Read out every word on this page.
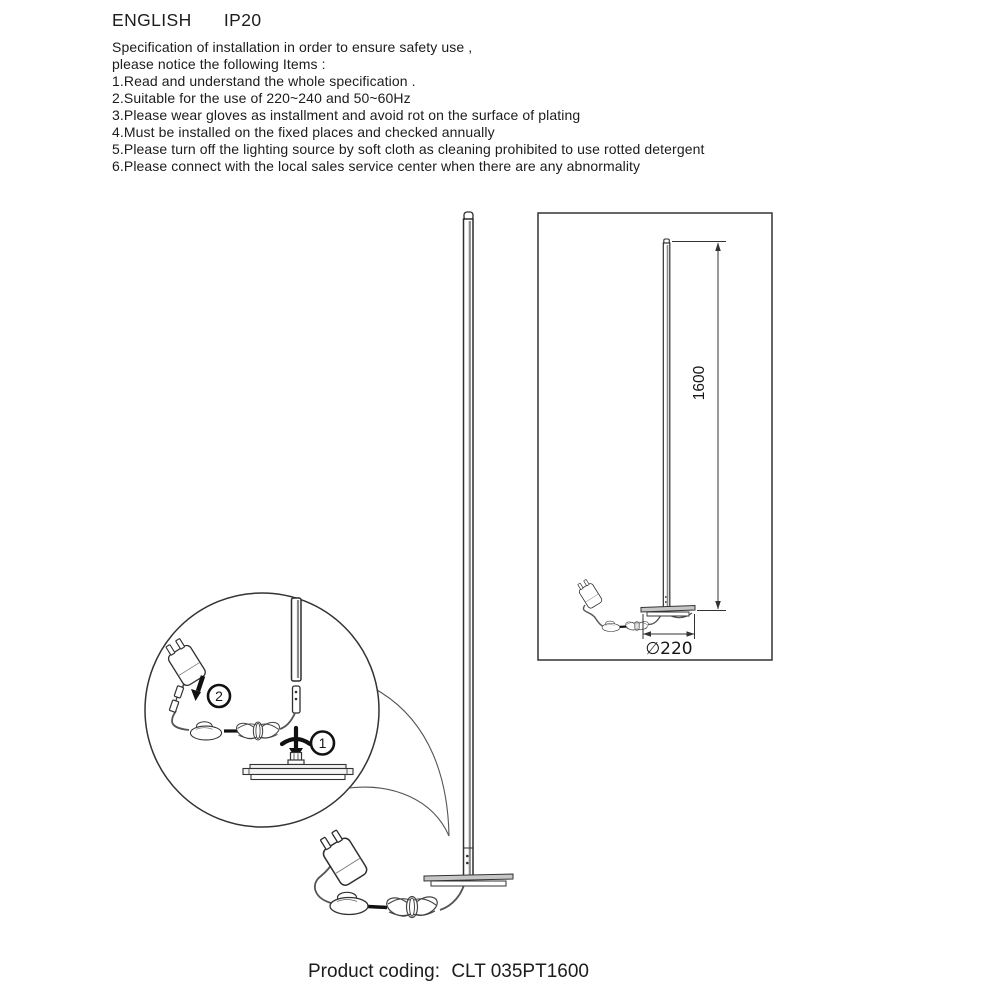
ENGLISH IP20
Specification of installation in order to ensure safety use ,
please notice the following Items :
1.Read and understand the whole specification .
2.Suitable for the use of 220~240 and 50~60Hz
3.Please wear gloves as installment and avoid rot on the surface of plating
4.Must be installed on the fixed places and checked annually
5.Please turn off the lighting source by soft cloth as cleaning prohibited to use rotted detergent
6.Please connect with the local sales service center when there are any abnormality
2
1
1600
∅220
Product coding: CLT 035PT1600
